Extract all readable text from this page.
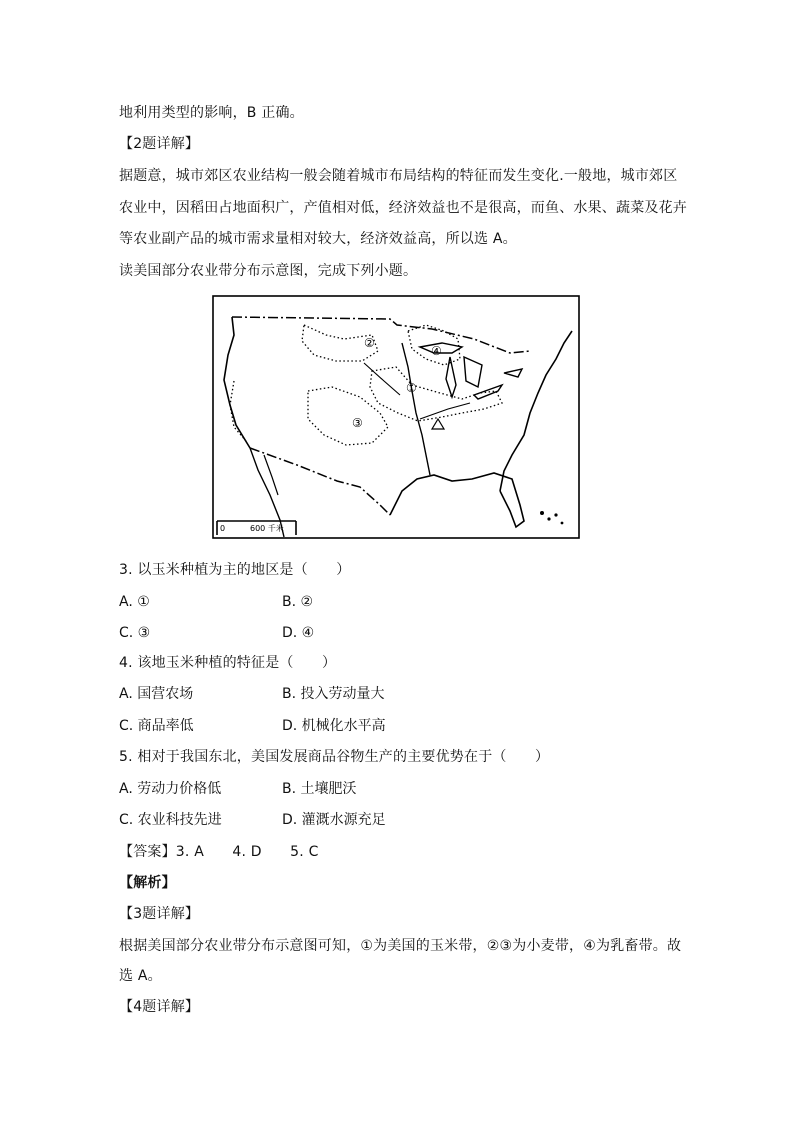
地利用类型的影响，B 正确。
【2题详解】
据题意，城市郊区农业结构一般会随着城市布局结构的特征而发生变化.一般地，城市郊区
农业中，因稻田占地面积广，产值相对低，经济效益也不是很高，而鱼、水果、蔬菜及花卉
等农业副产品的城市需求量相对较大，经济效益高，所以选 A。
读美国部分农业带分布示意图，完成下列小题。
①
②
③
④
0	600 千米
3. 以玉米种植为主的地区是（　　）
A. ①	B. ②
C. ③	D. ④
4. 该地玉米种植的特征是（　　）
A. 国营农场	B. 投入劳动量大
C. 商品率低	D. 机械化水平高
5. 相对于我国东北，美国发展商品谷物生产的主要优势在于（　　）
A. 劳动力价格低	B. 土壤肥沃
C. 农业科技先进	D. 灌溉水源充足
【答案】3. A　　4. D　　5. C
【解析】
【3题详解】
根据美国部分农业带分布示意图可知，①为美国的玉米带，②③为小麦带，④为乳畜带。故
选 A。
【4题详解】
